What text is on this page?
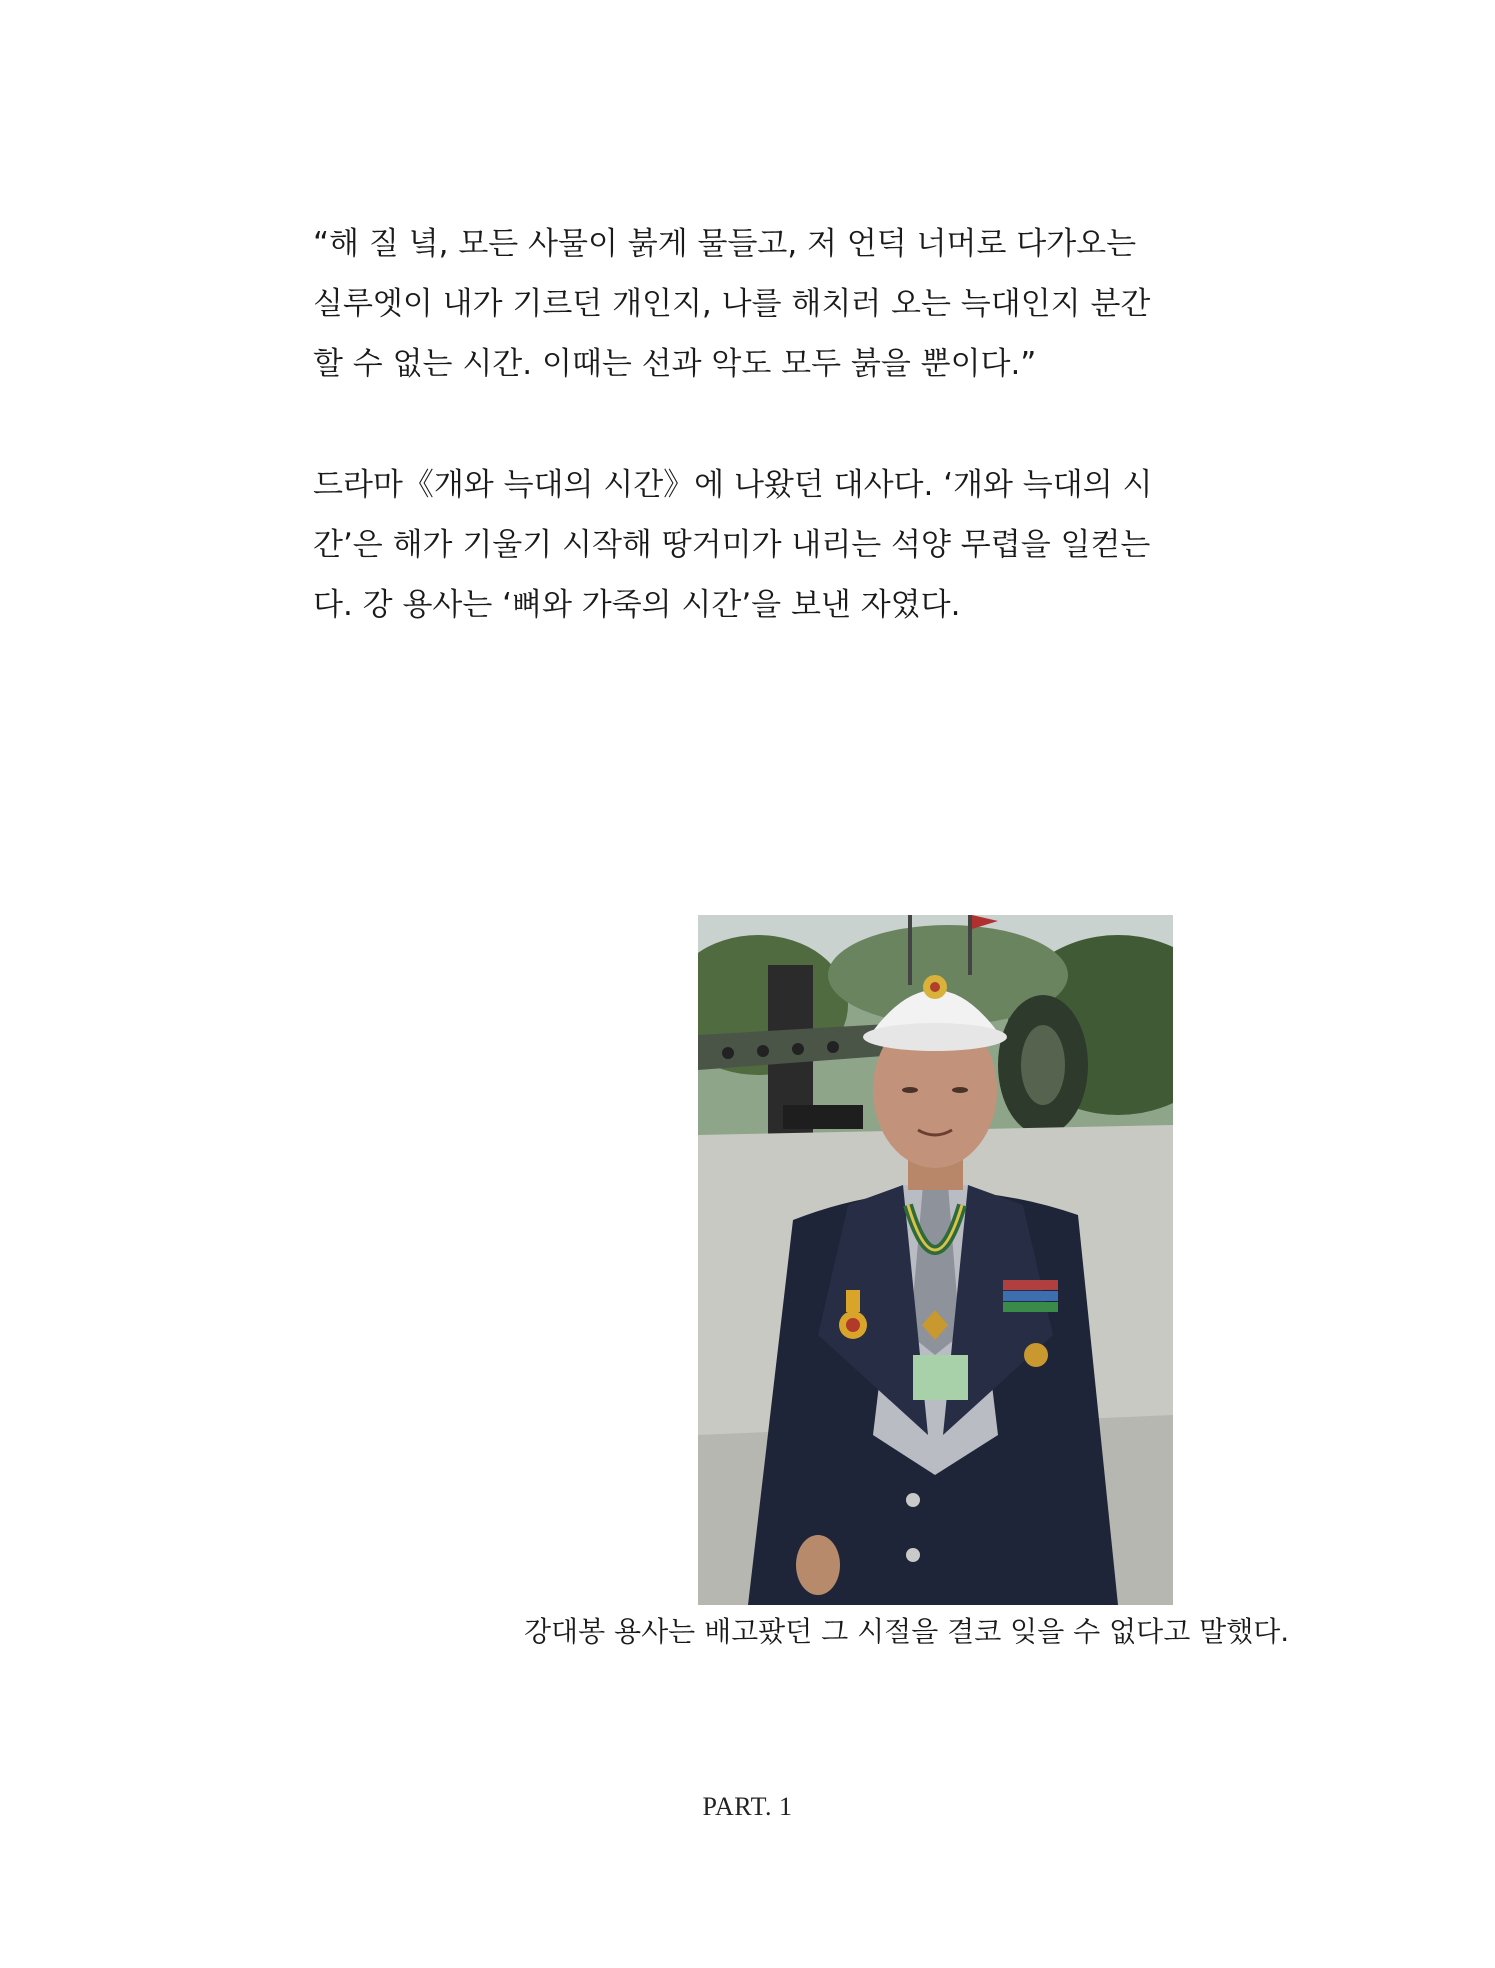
“해 질 녘, 모든 사물이 붉게 물들고, 저 언덕 너머로 다가오는
실루엣이 내가 기르던 개인지, 나를 해치러 오는 늑대인지 분간
할 수 없는 시간. 이때는 선과 악도 모두 붉을 뿐이다.”
드라마《개와 늑대의 시간》에 나왔던 대사다. ‘개와 늑대의 시
간’은 해가 기울기 시작해 땅거미가 내리는 석양 무렵을 일컫는
다. 강 용사는 ‘뼈와 가죽의 시간’을 보낸 자였다.
강대봉 용사는 배고팠던 그 시절을 결코 잊을 수 없다고 말했다.
PART. 1
